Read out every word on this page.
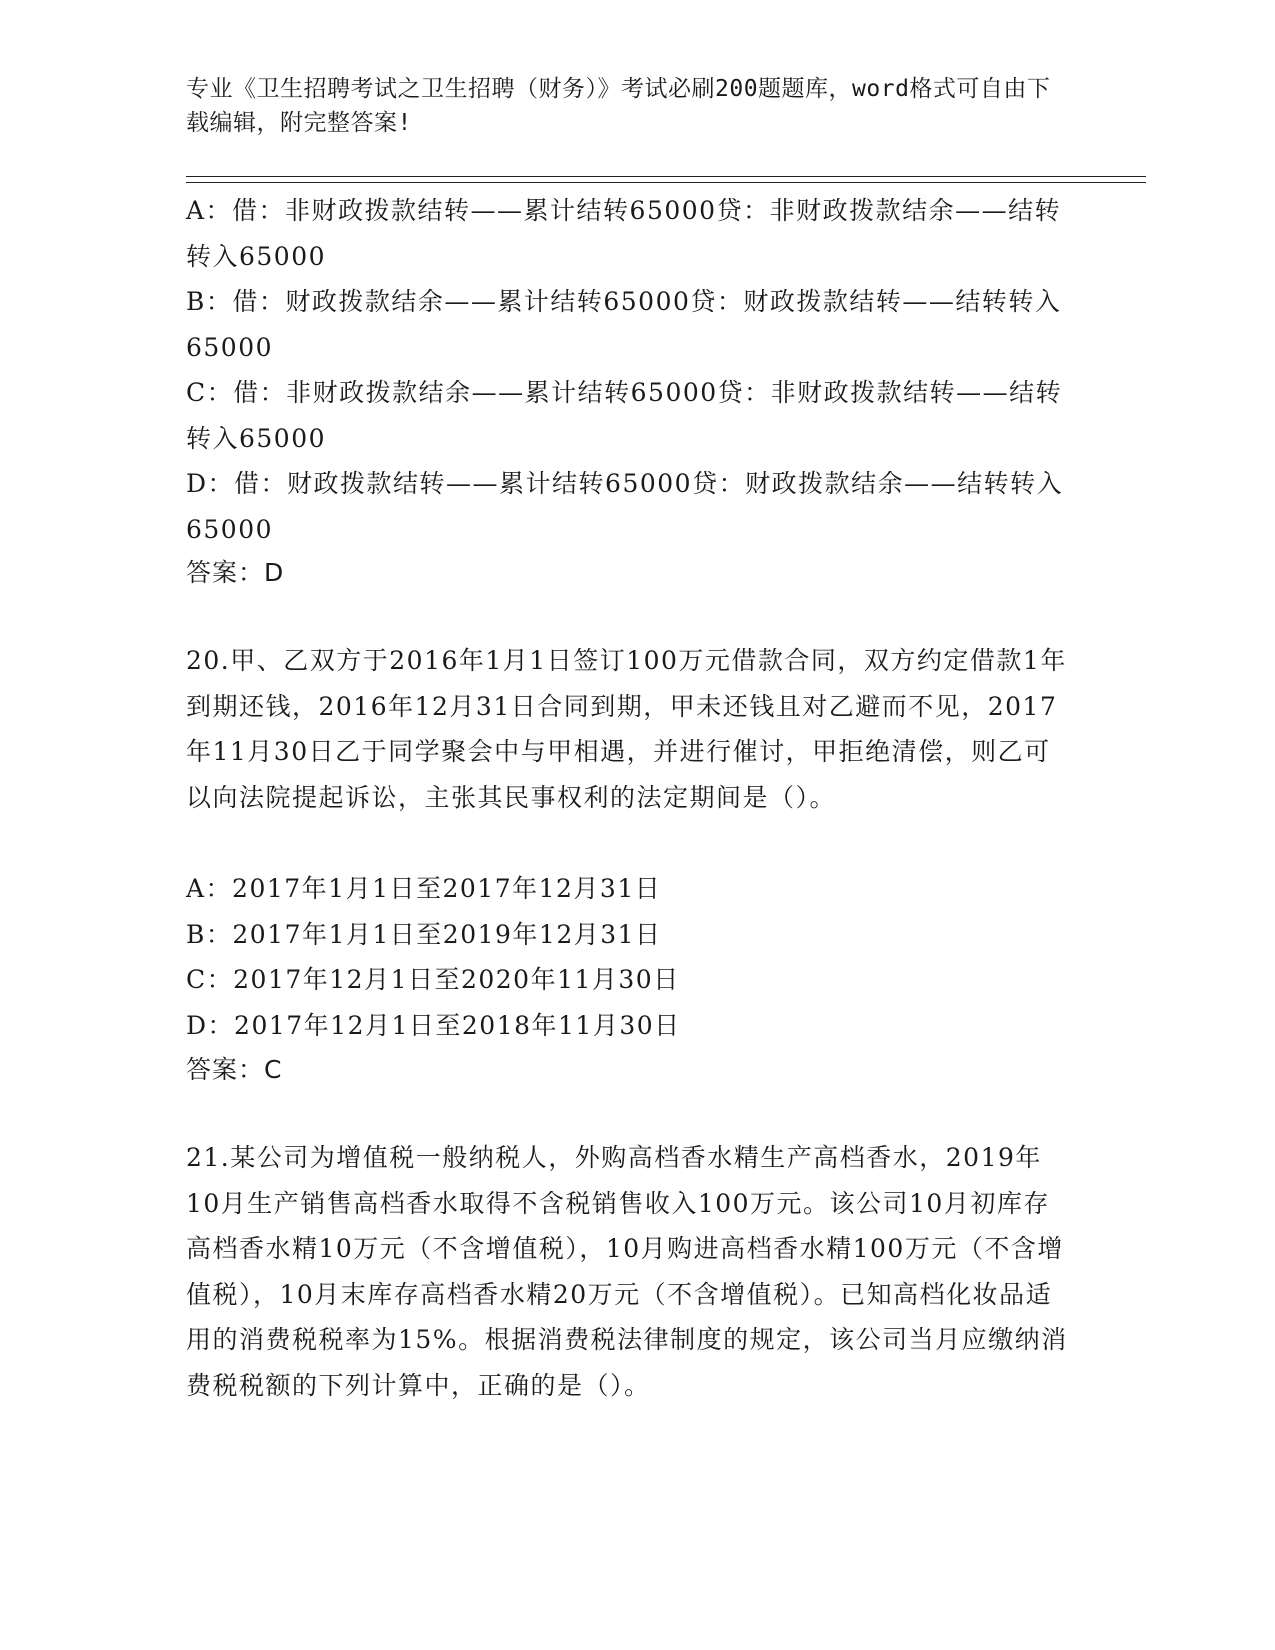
专业《卫生招聘考试之卫生招聘（财务）》考试必刷200题题库，word格式可自由下载编辑，附完整答案!
A：借：非财政拨款结转——累计结转65000贷：非财政拨款结余——结转转入65000
B：借：财政拨款结余——累计结转65000贷：财政拨款结转——结转转入65000
C：借：非财政拨款结余——累计结转65000贷：非财政拨款结转——结转转入65000
D：借：财政拨款结转——累计结转65000贷：财政拨款结余——结转转入65000
答案：D
20.甲、乙双方于2016年1月1日签订100万元借款合同，双方约定借款1年到期还钱，2016年12月31日合同到期，甲未还钱且对乙避而不见，2017年11月30日乙于同学聚会中与甲相遇，并进行催讨，甲拒绝清偿，则乙可以向法院提起诉讼，主张其民事权利的法定期间是（）。
A：2017年1月1日至2017年12月31日
B：2017年1月1日至2019年12月31日
C：2017年12月1日至2020年11月30日
D：2017年12月1日至2018年11月30日
答案：C
21.某公司为增值税一般纳税人，外购高档香水精生产高档香水，2019年10月生产销售高档香水取得不含税销售收入100万元。该公司10月初库存高档香水精10万元（不含增值税），10月购进高档香水精100万元（不含增值税），10月末库存高档香水精20万元（不含增值税）。已知高档化妆品适用的消费税税率为15%。根据消费税法律制度的规定，该公司当月应缴纳消费税税额的下列计算中，正确的是（）。
